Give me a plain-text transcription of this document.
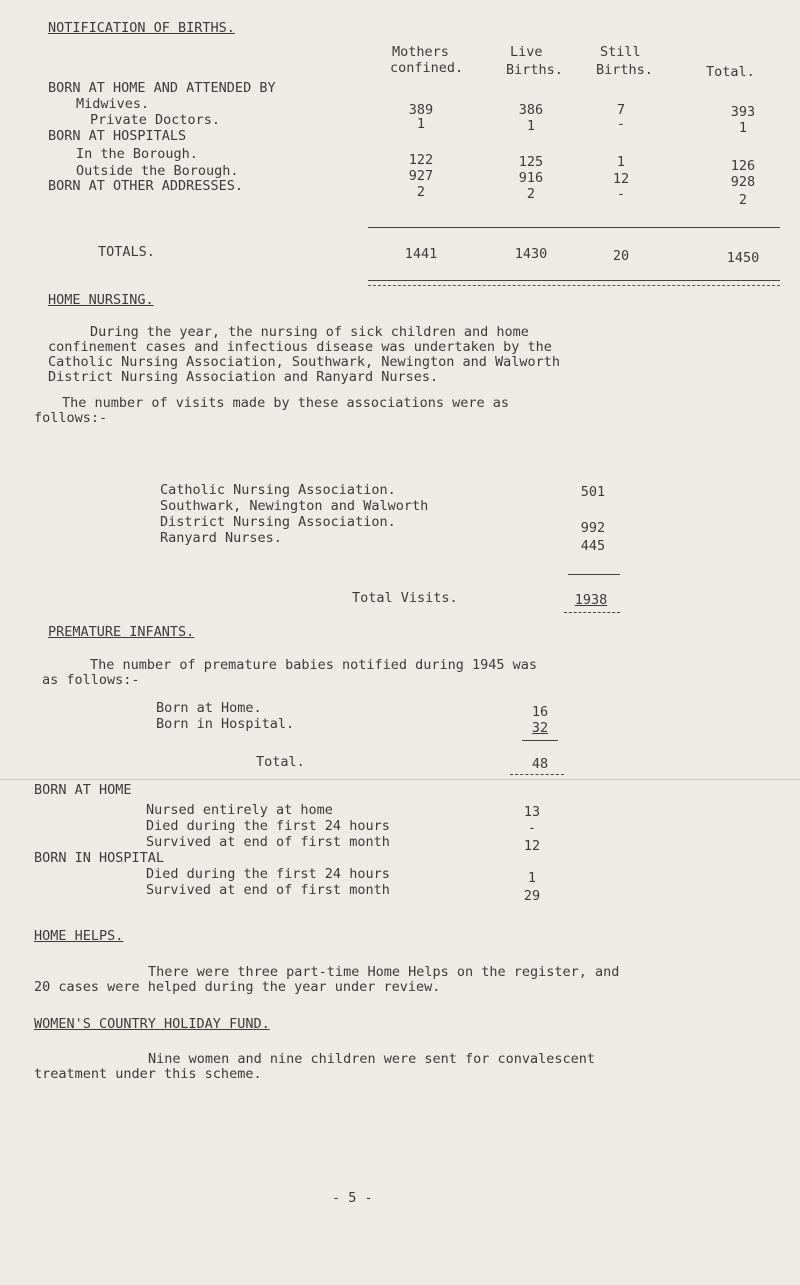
NOTIFICATION OF BIRTHS.
Mothers
confined.
Live
Births.
Still
Births.	Total.
BORN AT HOME AND ATTENDED BY
Midwives.	389	386	7	393
Private Doctors.	1	1	-	1
BORN AT HOSPITALS
In the Borough.	122	125	1	126
Outside the Borough.	927	916	12	928
BORN AT OTHER ADDRESSES.	2	2	-	2
TOTALS.	1441	1430	20	1450
HOME NURSING.
During the year, the nursing of sick children and home
confinement cases and infectious disease was undertaken by the
Catholic Nursing Association, Southwark, Newington and Walworth
District Nursing Association and Ranyard Nurses.
The number of visits made by these associations were as
follows:-
Catholic Nursing Association.	501
Southwark, Newington and Walworth
District Nursing Association.	992
Ranyard Nurses.	445
Total Visits.	1938
PREMATURE INFANTS.
The number of premature babies notified during 1945 was
as follows:-
Born at Home.	16
Born in Hospital.	32
Total.	48
BORN AT HOME
Nursed entirely at home	13
Died during the first 24 hours	-
Survived at end of first month	12
BORN IN HOSPITAL
Died during the first 24 hours	1
Survived at end of first month	29
HOME HELPS.
There were three part-time Home Helps on the register, and
20 cases were helped during the year under review.
WOMEN'S COUNTRY HOLIDAY FUND.
Nine women and nine children were sent for convalescent
treatment under this scheme.
- 5 -
